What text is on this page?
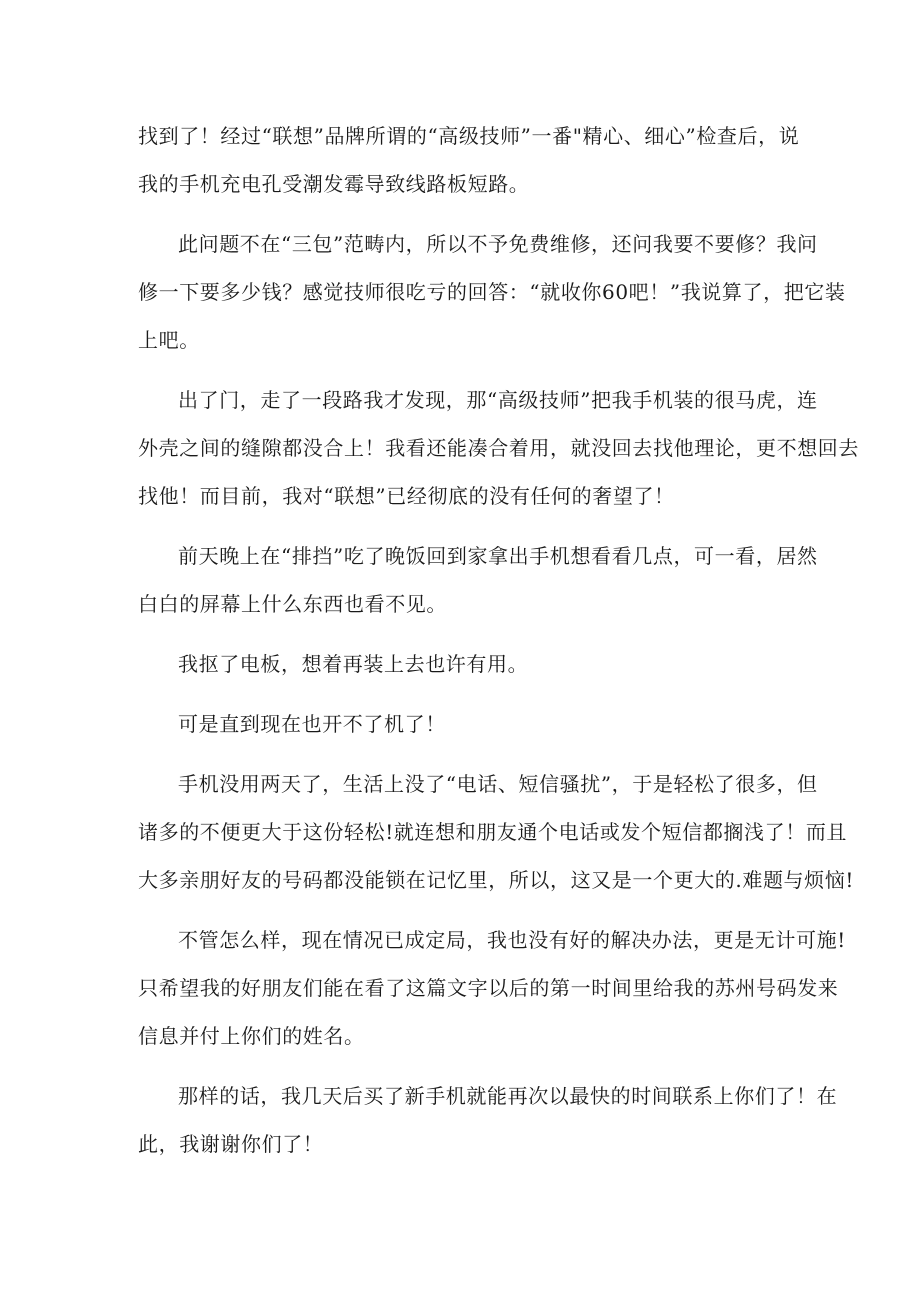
找到了！经过“联想”品牌所谓的“高级技师”一番"精心、细心”检查后，说
我的手机充电孔受潮发霉导致线路板短路。
此问题不在“三包”范畴内，所以不予免费维修，还问我要不要修？我问
修一下要多少钱？感觉技师很吃亏的回答：“就收你60吧！”我说算了，把它装
上吧。
出了门，走了一段路我才发现，那“高级技师”把我手机装的很马虎，连
外壳之间的缝隙都没合上！我看还能凑合着用，就没回去找他理论，更不想回去
找他！而目前，我对“联想”已经彻底的没有任何的奢望了！
前天晚上在“排挡”吃了晚饭回到家拿出手机想看看几点，可一看，居然
白白的屏幕上什么东西也看不见。
我抠了电板，想着再装上去也许有用。
可是直到现在也开不了机了！
手机没用两天了，生活上没了“电话、短信骚扰”，于是轻松了很多，但
诸多的不便更大于这份轻松!就连想和朋友通个电话或发个短信都搁浅了！而且
大多亲朋好友的号码都没能锁在记忆里，所以，这又是一个更大的.难题与烦恼!
不管怎么样，现在情况已成定局，我也没有好的解决办法，更是无计可施!
只希望我的好朋友们能在看了这篇文字以后的第一时间里给我的苏州号码发来
信息并付上你们的姓名。
那样的话，我几天后买了新手机就能再次以最快的时间联系上你们了！在
此，我谢谢你们了！
